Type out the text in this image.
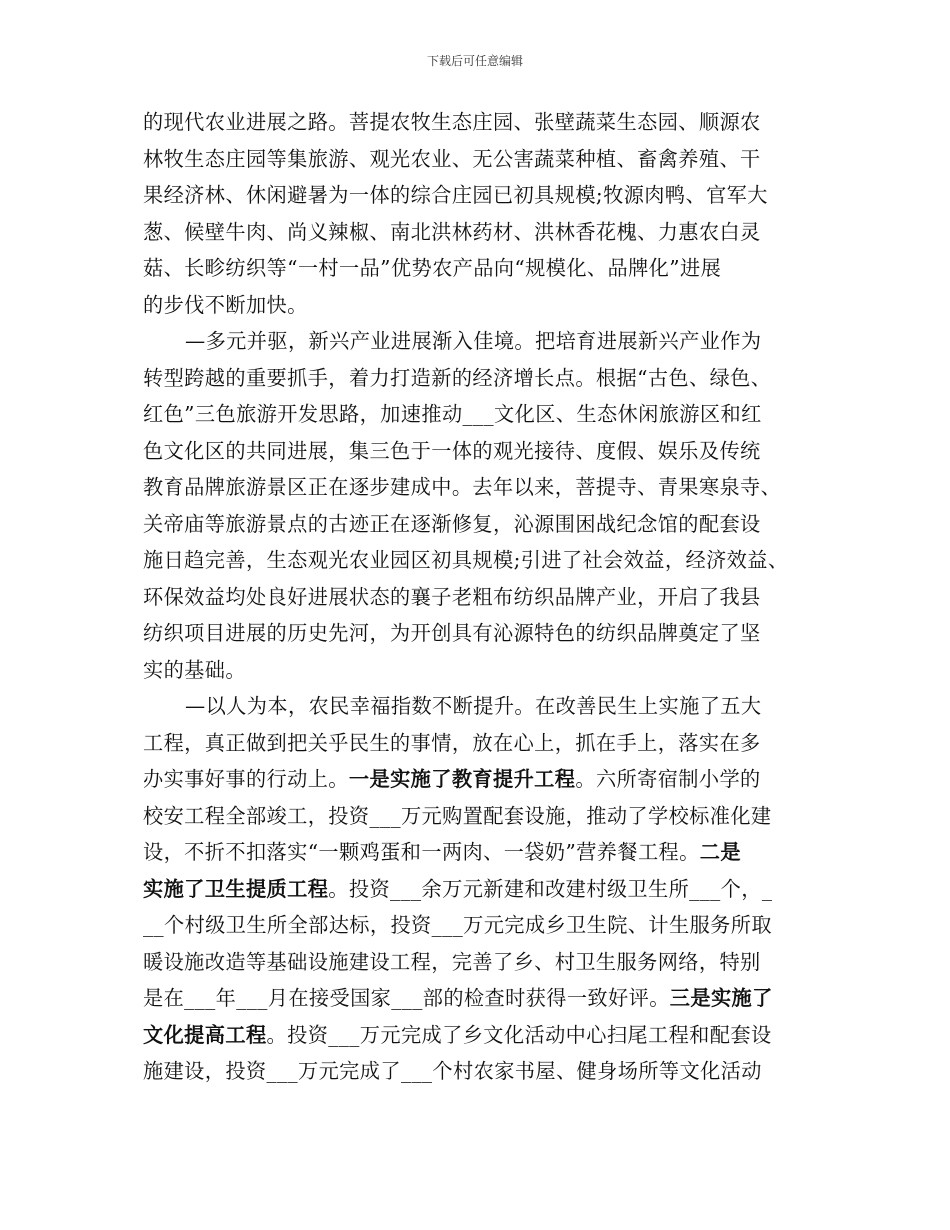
下载后可任意编辑
的现代农业进展之路。菩提农牧生态庄园、张壁蔬菜生态园、顺源农
林牧生态庄园等集旅游、观光农业、无公害蔬菜种植、畜禽养殖、干
果经济林、休闲避暑为一体的综合庄园已初具规模;牧源肉鸭、官军大
葱、候壁牛肉、尚义辣椒、南北洪林药材、洪林香花槐、力惠农白灵
菇、长畛纺织等“一村一品”优势农产品向“规模化、品牌化”进展
的步伐不断加快。
—多元并驱，新兴产业进展渐入佳境。把培育进展新兴产业作为
转型跨越的重要抓手，着力打造新的经济增长点。根据“古色、绿色、
红色”三色旅游开发思路，加速推动___文化区、生态休闲旅游区和红
色文化区的共同进展，集三色于一体的观光接待、度假、娱乐及传统
教育品牌旅游景区正在逐步建成中。去年以来，菩提寺、青果寒泉寺、
关帝庙等旅游景点的古迹正在逐渐修复，沁源围困战纪念馆的配套设
施日趋完善，生态观光农业园区初具规模;引进了社会效益，经济效益、
环保效益均处良好进展状态的襄子老粗布纺织品牌产业，开启了我县
纺织项目进展的历史先河，为开创具有沁源特色的纺织品牌奠定了坚
实的基础。
—以人为本，农民幸福指数不断提升。在改善民生上实施了五大
工程，真正做到把关乎民生的事情，放在心上，抓在手上，落实在多
办实事好事的行动上。一是实施了教育提升工程。六所寄宿制小学的
校安工程全部竣工，投资___万元购置配套设施，推动了学校标准化建
设，不折不扣落实“一颗鸡蛋和一两肉、一袋奶”营养餐工程。二是
实施了卫生提质工程。投资___余万元新建和改建村级卫生所___个，_
__个村级卫生所全部达标，投资___万元完成乡卫生院、计生服务所取
暖设施改造等基础设施建设工程，完善了乡、村卫生服务网络，特别
是在___年___月在接受国家___部的检查时获得一致好评。三是实施了
文化提高工程。投资___万元完成了乡文化活动中心扫尾工程和配套设
施建设，投资___万元完成了___个村农家书屋、健身场所等文化活动
